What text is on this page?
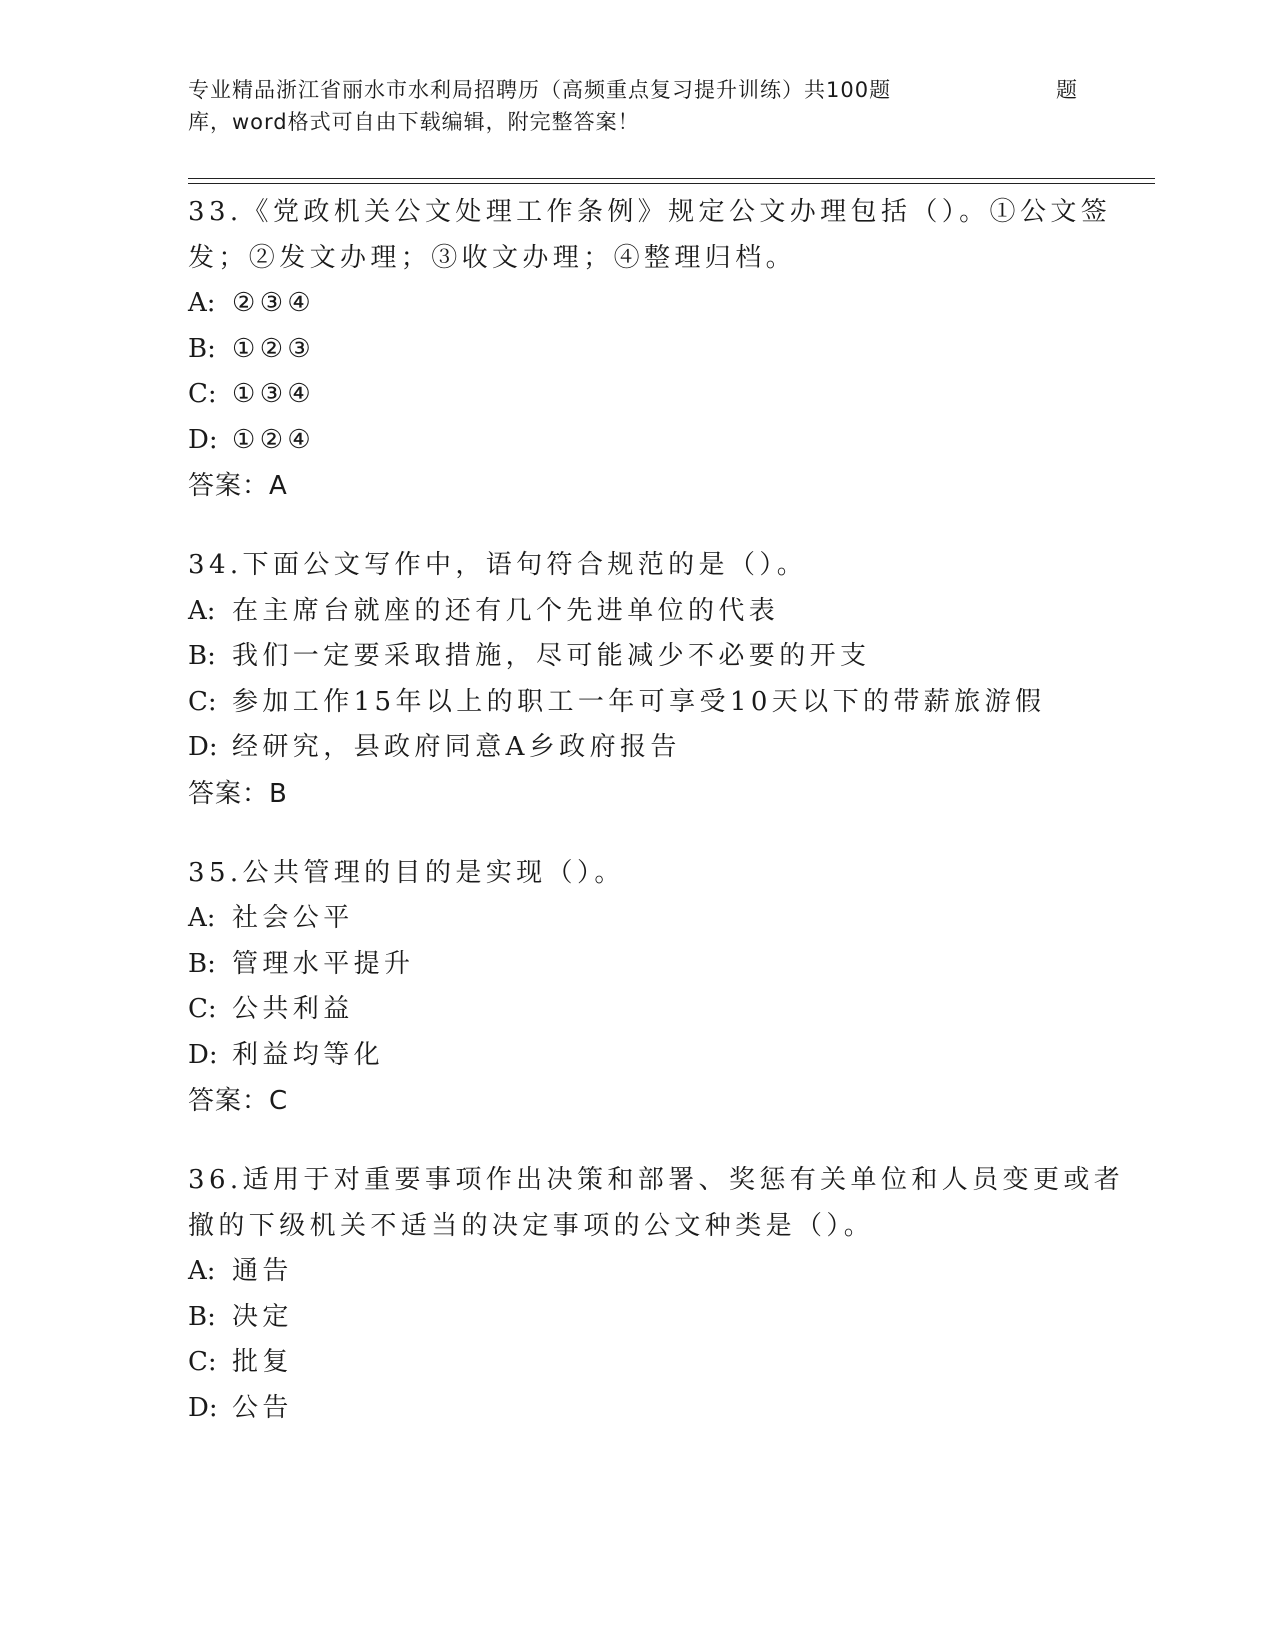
专业精品浙江省丽水市水利局招聘历（高频重点复习提升训练）共100题	题
库，word格式可自由下载编辑，附完整答案！
33.《党政机关公文处理工作条例》规定公文办理包括（）。①公文签
发；②发文办理；③收文办理；④整理归档。
A: ②③④
B: ①②③
C: ①③④
D: ①②④
答案：A
34.下面公文写作中，语句符合规范的是（）。
A: 在主席台就座的还有几个先进单位的代表
B: 我们一定要采取措施，尽可能减少不必要的开支
C: 参加工作15年以上的职工一年可享受10天以下的带薪旅游假
D: 经研究，县政府同意A乡政府报告
答案：B
35.公共管理的目的是实现（）。
A: 社会公平
B: 管理水平提升
C: 公共利益
D: 利益均等化
答案：C
36.适用于对重要事项作出决策和部署、奖惩有关单位和人员变更或者
撤的下级机关不适当的决定事项的公文种类是（）。
A: 通告
B: 决定
C: 批复
D: 公告
